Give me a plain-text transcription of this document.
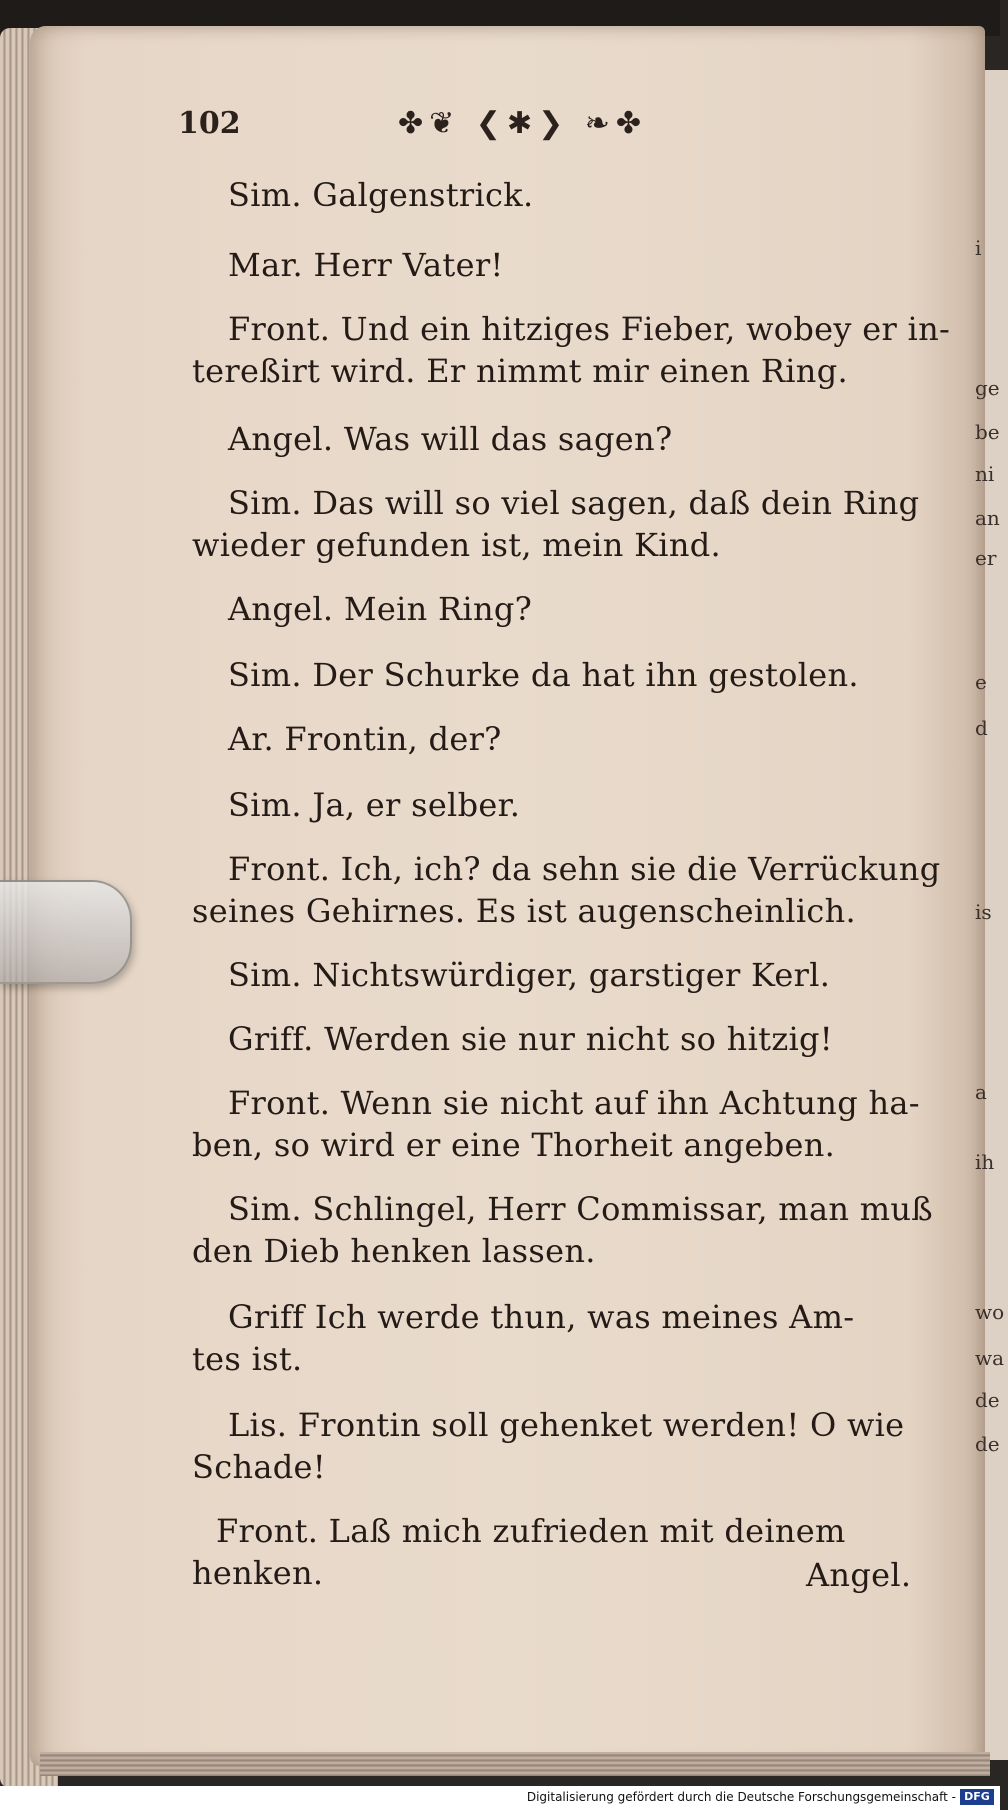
102	✤❦ ❮✱❯ ❧✤
Sim. Galgenstrick.
Mar. Herr Vater!
Front. Und ein hitziges Fieber, wobey er in-
tereßirt wird. Er nimmt mir einen Ring.
Angel. Was will das sagen?
Sim. Das will so viel sagen, daß dein Ring
wieder gefunden ist, mein Kind.
Angel. Mein Ring?
Sim. Der Schurke da hat ihn gestolen.
Ar. Frontin, der?
Sim. Ja, er selber.
Front. Ich, ich? da sehn sie die Verrückung
seines Gehirnes. Es ist augenscheinlich.
Sim. Nichtswürdiger, garstiger Kerl.
Griff. Werden sie nur nicht so hitzig!
Front. Wenn sie nicht auf ihn Achtung ha-
ben, so wird er eine Thorheit angeben.
Sim. Schlingel, Herr Commissar, man muß
den Dieb henken lassen.
Griff Ich werde thun, was meines Am-
tes ist.
Lis. Frontin soll gehenket werden! O wie
Schade!
Front. Laß mich zufrieden mit deinem
henken.	Angel.
i
ge
be
ni
an
er
e
d
is
a
ih
wo
wa
de
de
Digitalisierung gefördert durch die Deutsche Forschungsgemeinschaft - DFG
